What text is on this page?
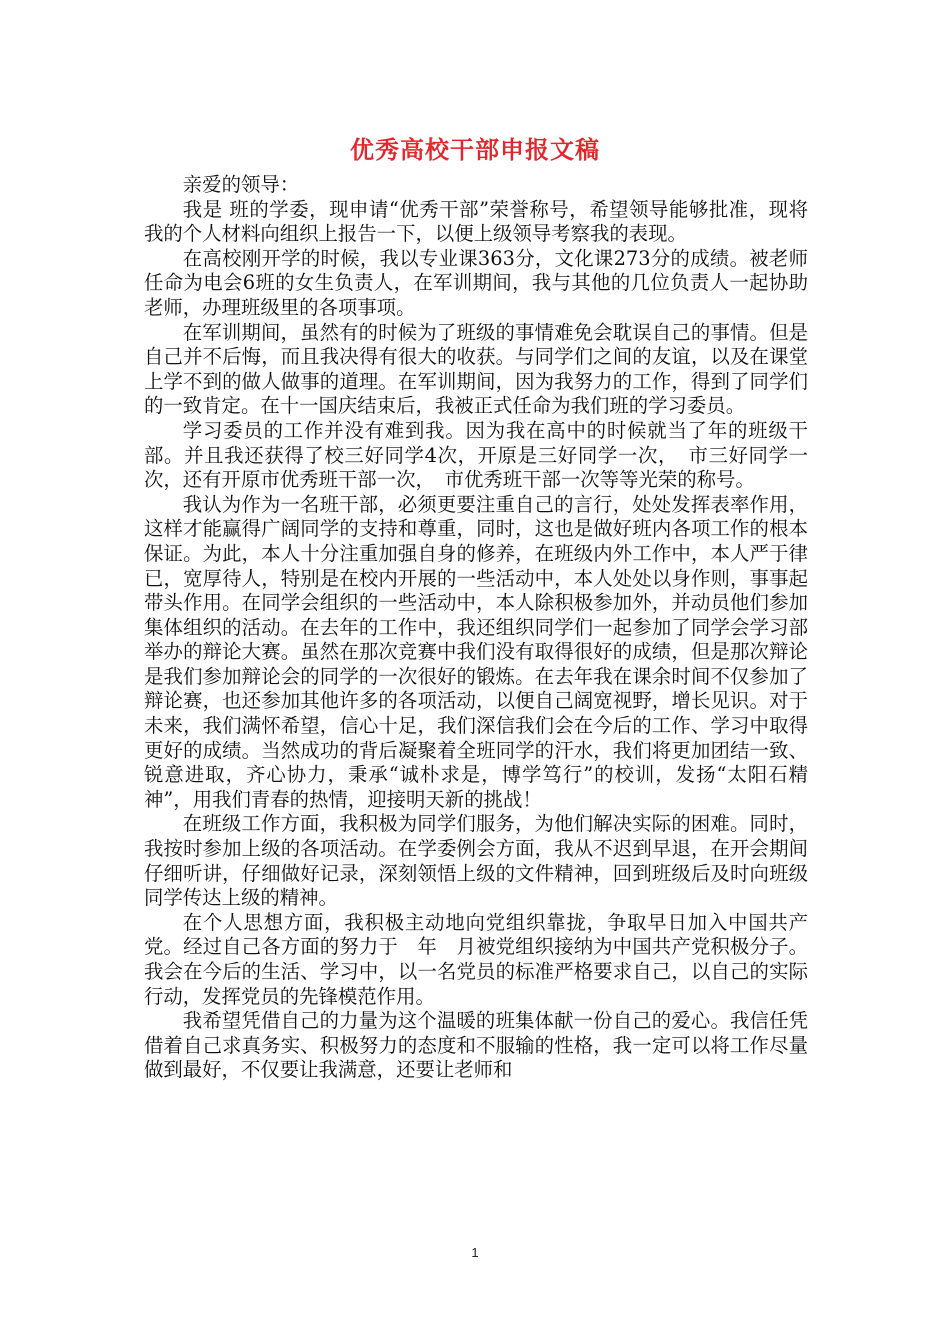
优秀高校干部申报文稿

亲爱的领导：

我是 班的学委，现申请“优秀干部”荣誉称号，希望领导能够批准，现将我的个人材料向组织上报告一下，以便上级领导考察我的表现。

在高校刚开学的时候，我以专业课363分，文化课273分的成绩。被老师任命为电会6班的女生负责人，在军训期间，我与其他的几位负责人一起协助老师，办理班级里的各项事项。

在军训期间，虽然有的时候为了班级的事情难免会耽误自己的事情。但是自己并不后悔，而且我决得有很大的收获。与同学们之间的友谊，以及在课堂上学不到的做人做事的道理。在军训期间，因为我努力的工作，得到了同学们的一致肯定。在十一国庆结束后，我被正式任命为我们班的学习委员。

学习委员的工作并没有难到我。因为我在高中的时候就当了年的班级干部。并且我还获得了校三好同学4次，开原是三好同学一次，　市三好同学一次，还有开原市优秀班干部一次，　市优秀班干部一次等等光荣的称号。

我认为作为一名班干部，必须更要注重自己的言行，处处发挥表率作用，这样才能赢得广阔同学的支持和尊重，同时，这也是做好班内各项工作的根本保证。为此，本人十分注重加强自身的修养，在班级内外工作中，本人严于律已，宽厚待人，特别是在校内开展的一些活动中，本人处处以身作则，事事起带头作用。在同学会组织的一些活动中，本人除积极参加外，并动员他们参加集体组织的活动。在去年的工作中，我还组织同学们一起参加了同学会学习部举办的辩论大赛。虽然在那次竞赛中我们没有取得很好的成绩，但是那次辩论是我们参加辩论会的同学的一次很好的锻炼。在去年我在课余时间不仅参加了辩论赛，也还参加其他许多的各项活动，以便自己阔宽视野，增长见识。对于未来，我们满怀希望，信心十足，我们深信我们会在今后的工作、学习中取得更好的成绩。当然成功的背后凝聚着全班同学的汗水，我们将更加团结一致、锐意进取，齐心协力，秉承“诚朴求是，博学笃行”的校训，发扬“太阳石精神”，用我们青春的热情，迎接明天新的挑战！

在班级工作方面，我积极为同学们服务，为他们解决实际的困难。同时，我按时参加上级的各项活动。在学委例会方面，我从不迟到早退，在开会期间仔细听讲，仔细做好记录，深刻领悟上级的文件精神，回到班级后及时向班级同学传达上级的精神。

在个人思想方面，我积极主动地向党组织靠拢，争取早日加入中国共产党。经过自己各方面的努力于　年　月被党组织接纳为中国共产党积极分子。我会在今后的生活、学习中，以一名党员的标准严格要求自己，以自己的实际行动，发挥党员的先锋模范作用。

我希望凭借自己的力量为这个温暖的班集体献一份自己的爱心。我信任凭借着自己求真务实、积极努力的态度和不服输的性格，我一定可以将工作尽量做到最好，不仅要让我满意，还要让老师和

1
